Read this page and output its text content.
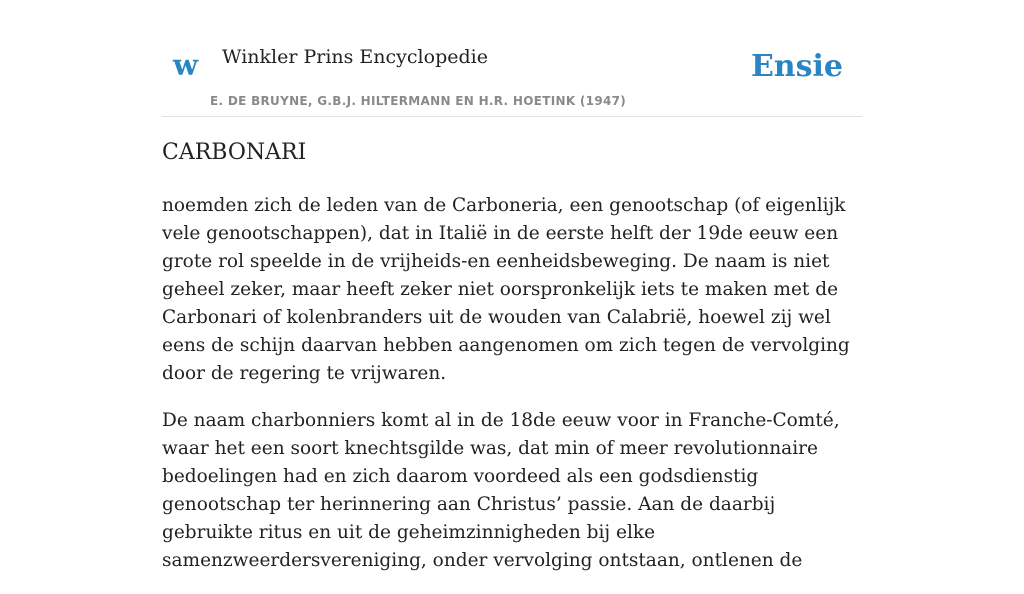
w Winkler Prins Encyclopedie
E. DE BRUYNE, G.B.J. HILTERMANN EN H.R. HOETINK (1947)
Ensie
CARBONARI

noemden zich de leden van de Carboneria, een genootschap (of eigenlijk vele genootschappen), dat in Italië in de eerste helft der 19de eeuw een grote rol speelde in de vrijheids-en eenheidsbeweging. De naam is niet geheel zeker, maar heeft zeker niet oorspronkelijk iets te maken met de Carbonari of kolenbranders uit de wouden van Calabrië, hoewel zij wel eens de schijn daarvan hebben aangenomen om zich tegen de vervolging door de regering te vrijwaren.

De naam charbonniers komt al in de 18de eeuw voor in Franche-Comté, waar het een soort knechtsgilde was, dat min of meer revolutionnaire bedoelingen had en zich daarom voordeed als een godsdienstig genootschap ter herinnering aan Christus’ passie. Aan de daarbij gebruikte ritus en uit de geheimzinnigheden bij elke samenzweerdersvereniging, onder vervolging ontstaan, ontlenen de
